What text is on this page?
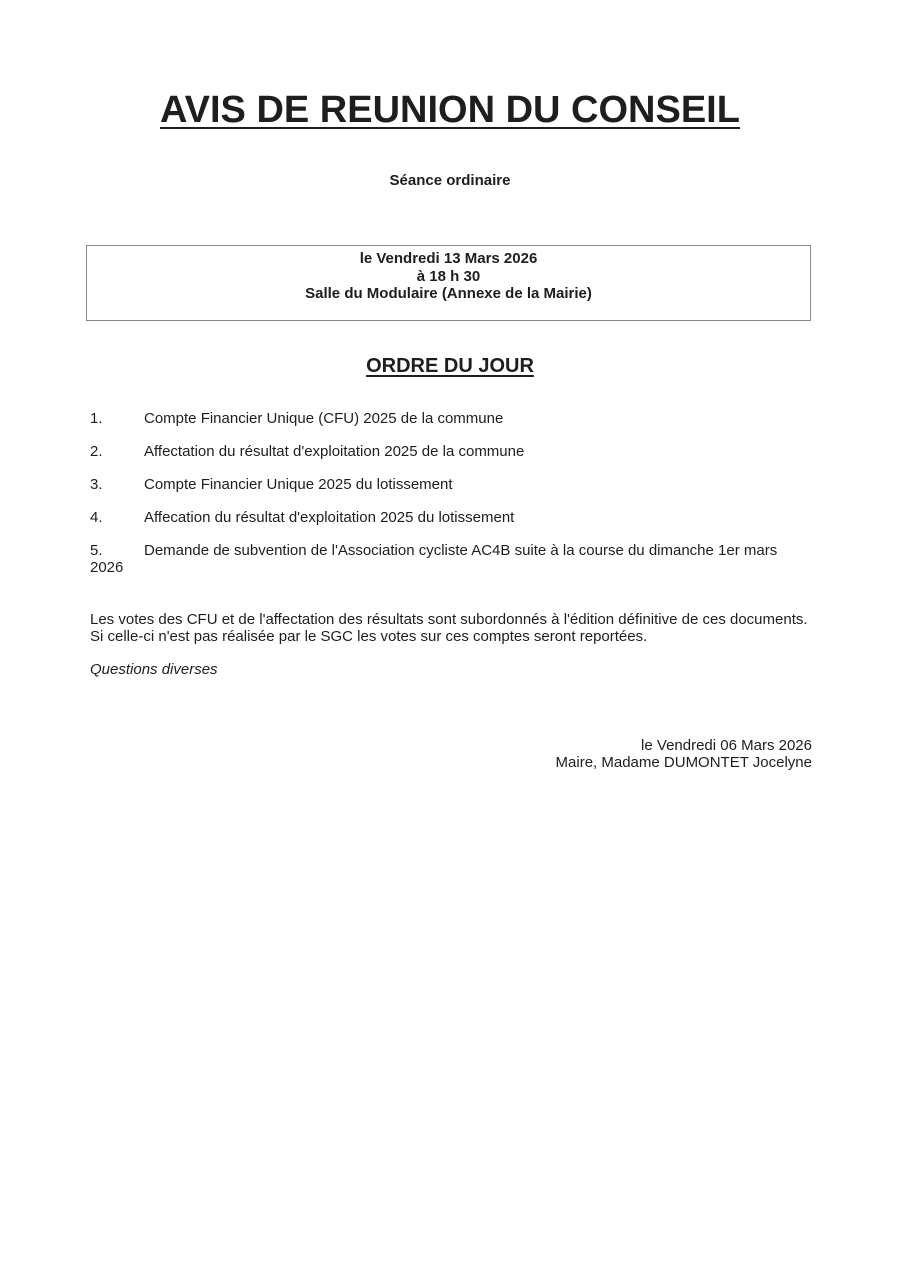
AVIS DE REUNION DU CONSEIL
Séance ordinaire
le Vendredi 13 Mars 2026
à 18 h 30
Salle du Modulaire (Annexe de la Mairie)
ORDRE DU JOUR
1.	Compte Financier Unique (CFU) 2025 de la commune
2.	Affectation du résultat d'exploitation 2025 de la commune
3.	Compte Financier Unique 2025 du lotissement
4.	Affecation du résultat d'exploitation 2025 du lotissement
5.	Demande de subvention de l'Association cycliste AC4B suite à la course du dimanche 1er mars 2026

Les votes des CFU et de l'affectation des résultats sont subordonnés à l'édition définitive de ces documents.

Si celle-ci n'est pas réalisée par le SGC les votes sur ces comptes seront reportées.

Questions diverses
le Vendredi 06 Mars 2026
Maire, Madame DUMONTET Jocelyne
